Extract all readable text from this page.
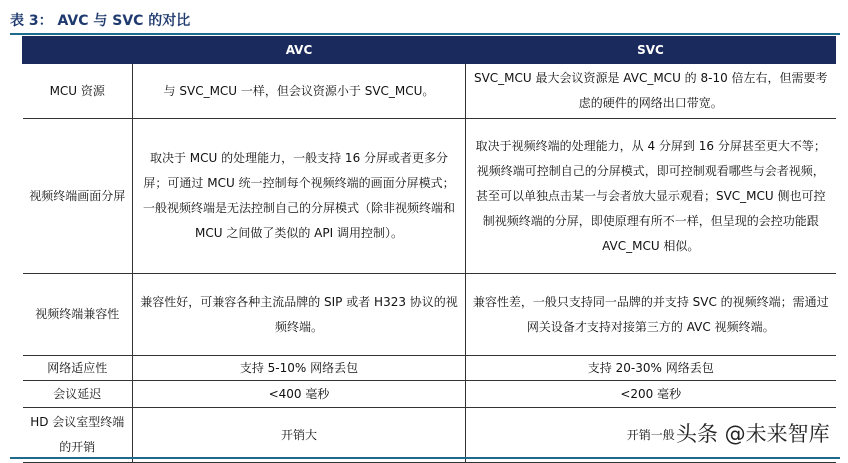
表 3： AVC 与 SVC 的对比
	AVC	SVC
MCU 资源	与 SVC_MCU 一样，但会议资源小于 SVC_MCU。	SVC_MCU 最大会议资源是 AVC_MCU 的 8-10 倍左右，但需要考虑的硬件的网络出口带宽。
视频终端画面分屏	取决于 MCU 的处理能力，一般支持 16 分屏或者更多分屏；可通过 MCU 统一控制每个视频终端的画面分屏模式；一般视频终端是无法控制自己的分屏模式（除非视频终端和 MCU 之间做了类似的 API 调用控制）。	取决于视频终端的处理能力，从 4 分屏到 16 分屏甚至更大不等；视频终端可控制自己的分屏模式，即可控制观看哪些与会者视频，甚至可以单独点击某一与会者放大显示观看；SVC_MCU 侧也可控制视频终端的分屏，即使原理有所不一样，但呈现的会控功能跟 AVC_MCU 相似。
视频终端兼容性	兼容性好，可兼容各种主流品牌的 SIP 或者 H323 协议的视频终端。	兼容性差，一般只支持同一品牌的并支持 SVC 的视频终端；需通过网关设备才支持对接第三方的 AVC 视频终端。
网络适应性	支持 5-10% 网络丢包	支持 20-30% 网络丢包
会议延迟	<400 毫秒	<200 毫秒
HD 会议室型终端的开销	开销大	开销一般 头条 @未来智库
